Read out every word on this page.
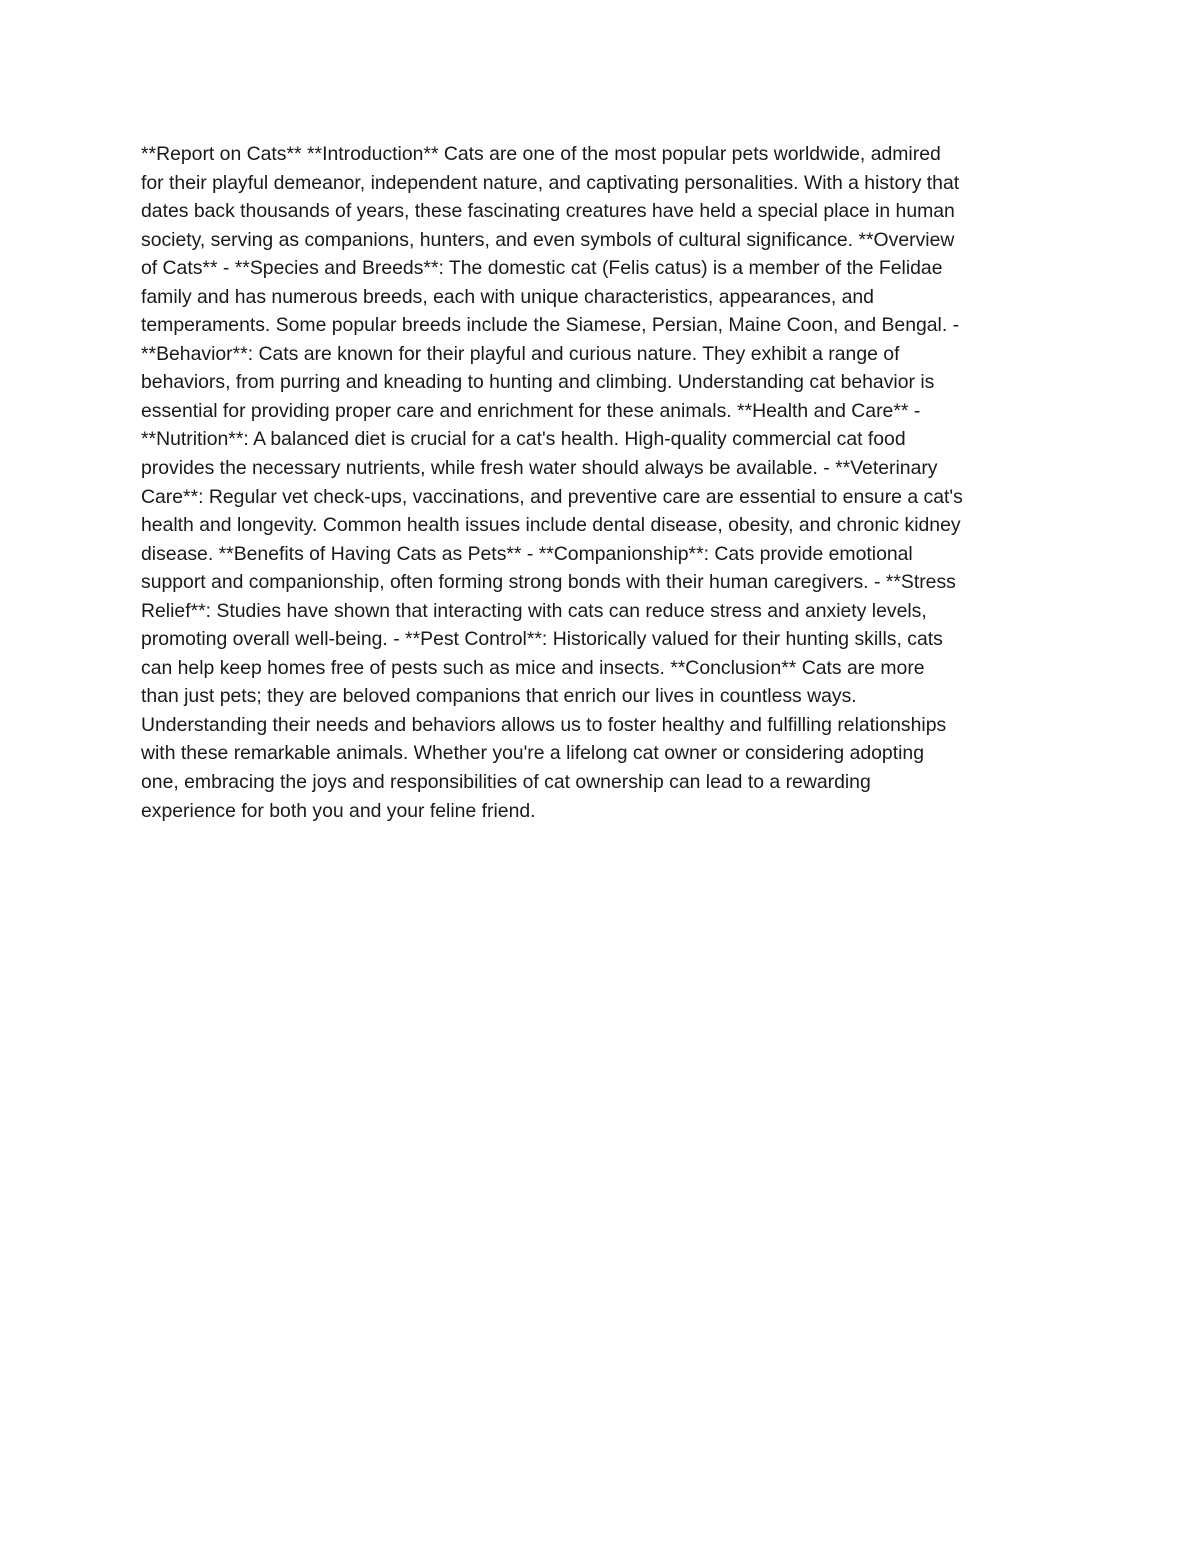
**Report on Cats** **Introduction** Cats are one of the most popular pets worldwide, admired
for their playful demeanor, independent nature, and captivating personalities. With a history that
dates back thousands of years, these fascinating creatures have held a special place in human
society, serving as companions, hunters, and even symbols of cultural significance. **Overview
of Cats** - **Species and Breeds**: The domestic cat (Felis catus) is a member of the Felidae
family and has numerous breeds, each with unique characteristics, appearances, and
temperaments. Some popular breeds include the Siamese, Persian, Maine Coon, and Bengal. -
**Behavior**: Cats are known for their playful and curious nature. They exhibit a range of
behaviors, from purring and kneading to hunting and climbing. Understanding cat behavior is
essential for providing proper care and enrichment for these animals. **Health and Care** -
**Nutrition**: A balanced diet is crucial for a cat's health. High-quality commercial cat food
provides the necessary nutrients, while fresh water should always be available. - **Veterinary
Care**: Regular vet check-ups, vaccinations, and preventive care are essential to ensure a cat's
health and longevity. Common health issues include dental disease, obesity, and chronic kidney
disease. **Benefits of Having Cats as Pets** - **Companionship**: Cats provide emotional
support and companionship, often forming strong bonds with their human caregivers. - **Stress
Relief**: Studies have shown that interacting with cats can reduce stress and anxiety levels,
promoting overall well-being. - **Pest Control**: Historically valued for their hunting skills, cats
can help keep homes free of pests such as mice and insects. **Conclusion** Cats are more
than just pets; they are beloved companions that enrich our lives in countless ways.
Understanding their needs and behaviors allows us to foster healthy and fulfilling relationships
with these remarkable animals. Whether you're a lifelong cat owner or considering adopting
one, embracing the joys and responsibilities of cat ownership can lead to a rewarding
experience for both you and your feline friend.
